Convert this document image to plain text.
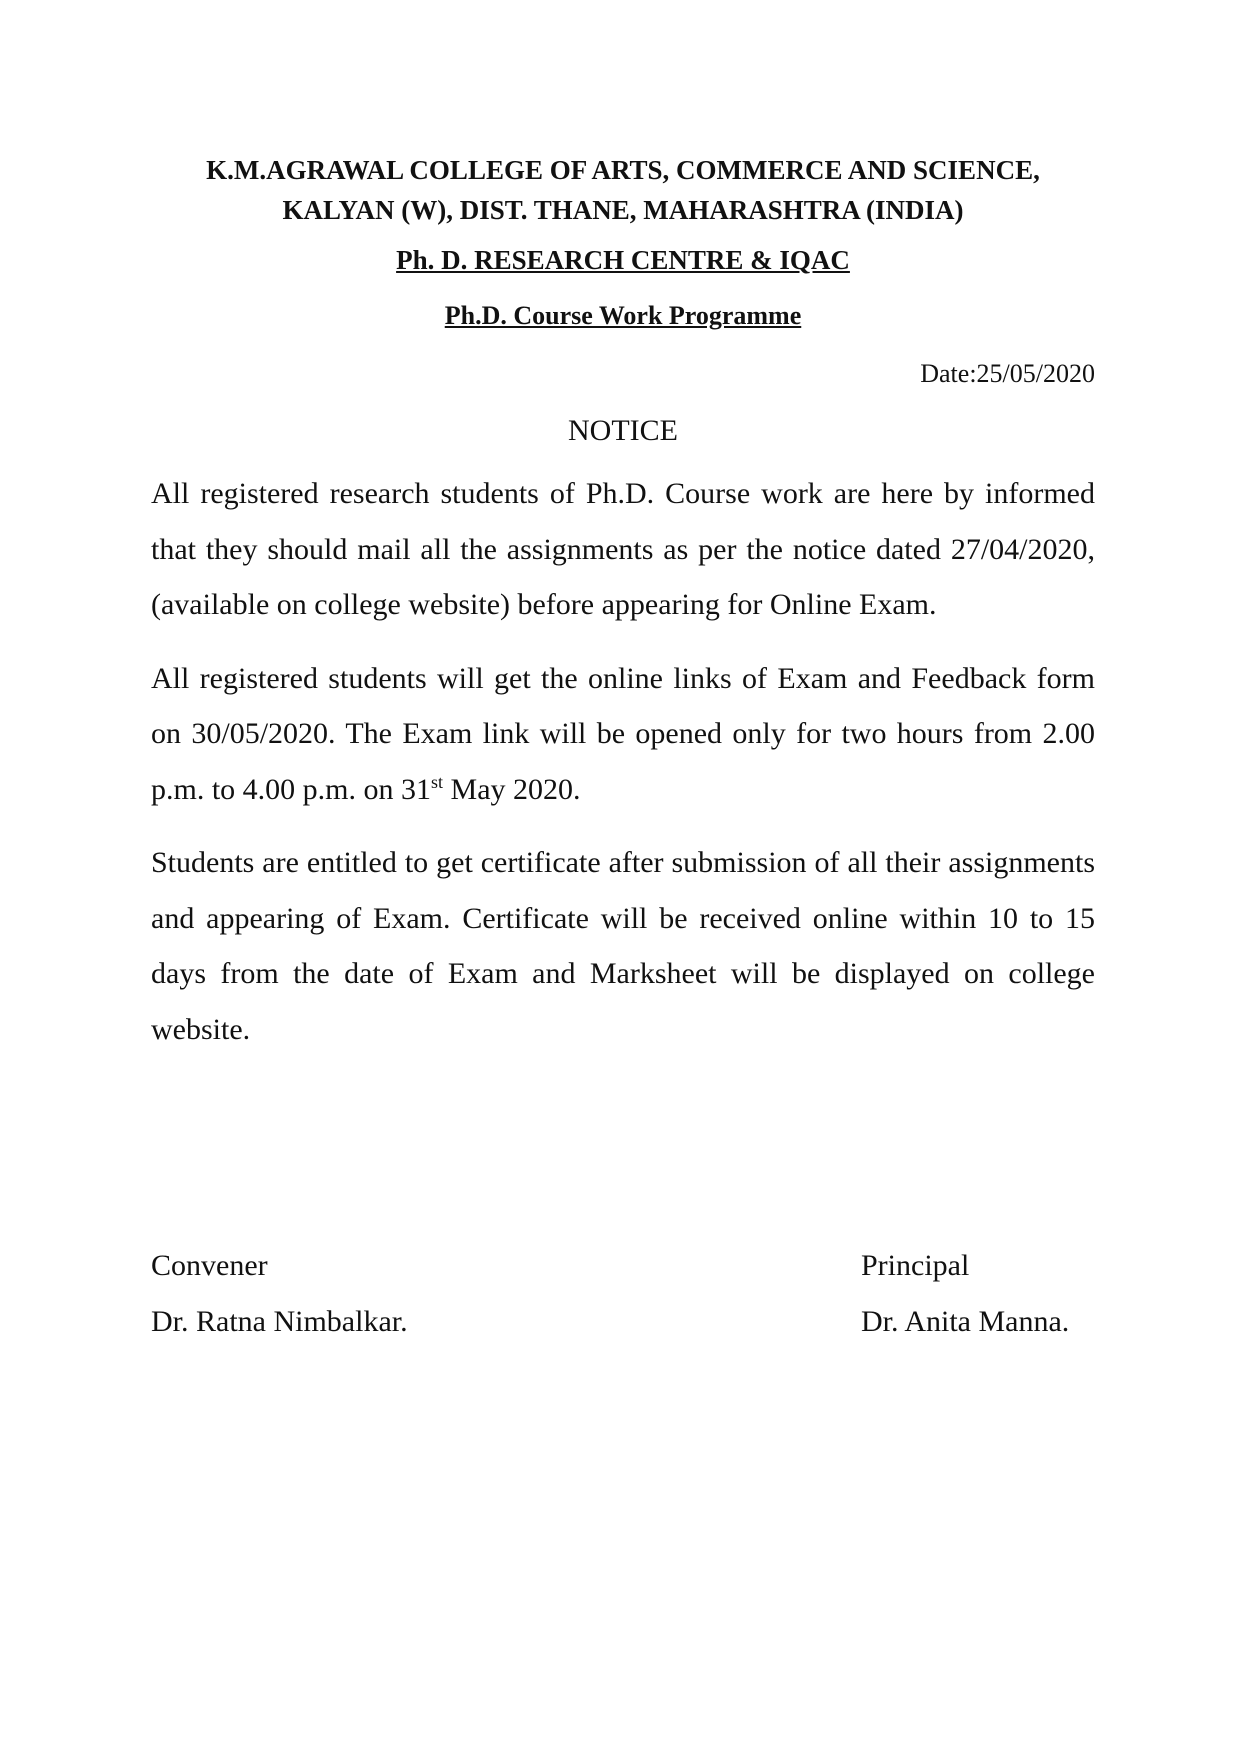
K.M.AGRAWAL COLLEGE OF ARTS, COMMERCE AND SCIENCE,

KALYAN (W), DIST. THANE, MAHARASHTRA (INDIA)

Ph. D. RESEARCH CENTRE & IQAC

Ph.D. Course Work Programme

Date:25/05/2020

NOTICE

All registered research students of Ph.D. Course work are here by informed that they should mail all the assignments as per the notice dated 27/04/2020, (available on college website) before appearing for Online Exam.

All registered students will get the online links of Exam and Feedback form on 30/05/2020. The Exam link will be opened only for two hours from 2.00 p.m. to 4.00 p.m. on 31st May 2020.

Students are entitled to get certificate after submission of all their assignments and appearing of Exam. Certificate will be received online within 10 to 15 days from the date of Exam and Marksheet will be displayed on college website.

Convener
Dr. Ratna Nimbalkar.
Principal
Dr. Anita Manna.
